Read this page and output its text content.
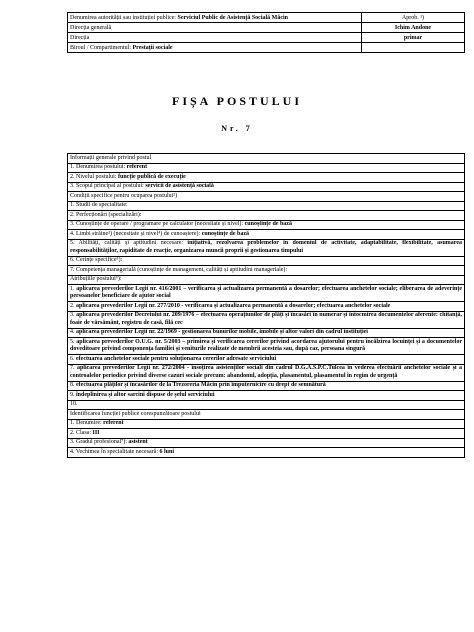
Denumirea autorității sau instituției publice: Serviciul Public de Asistență Socială Măcin	Aprob. ¹)
Direcția generală	Ichim Andone
Direcția	primar
Biroul / Compartimentul: Prestații sociale	
FIȘA POSTULUI
Nr. 7
Informații generale privind postul
1. Denumirea postului: referent
2. Nivelul postului: funcție publică de execuție
3. Scopul principal al postului: servicii de asistență socială
Condiții specifice pentru ocuparea postului²)
1. Studii de specialitate:
2. Perfecționări (specializări):
3. Cunoștințe de operare / programare pe calculator (necesitate și nivel): cunoștințe de bază
4. Limbi străine³) (necesitate și nivel⁴) de cunoaștere): cunoștințe de bază
5. Abilități, calități și aptitudini necesare: inițiativă, rezolvarea problemelor în domeniul de activitate, adaptabilitate, flexibilitate, asumarea responsabilităților, rapiditate de reacție, organizarea muncii proprii și gestionarea timpului
6. Cerințe specifice⁵):
7. Competența managerială (cunoștințe de management, calități și aptitudini manageriale):
Atribuțiile postului⁶):
1. aplicarea prevederilor Legii nr. 416/2001 – verificarea și actualizarea permanentă a dosarelor; efectuarea anchetelor sociale; eliberarea de adeverințe persoanelor beneficiare de ajutor social
2. aplicarea prevederilor Legii nr. 277/2010 - verificarea și actualizarea permanentă a dosarelor; efectuarea anchetelor sociale
3. aplicarea prevederilor Decretului nr. 209/1976 – efectuarea operațiunilor de plăți și încasări în numerar și întocmirea documentelor aferente: chitanță, foaie de vărsământ, registru de casă, filă cec
4. aplicarea prevederilor Legii nr. 22/1969 - gestionarea bunurilor mobile, imobile și altor valori din cadrul instituției
5. aplicarea prevederilor O.U.G. nr. 5/2003 – primirea și verificarea cererilor privind acordarea ajutorului pentru încălzirea locuinței și a documentelor doveditoare privind componența familiei și veniturile realizate de membrii acesteia sau, după caz, persoana singură
6. efectuarea anchetelor sociale pentru soluționarea cererilor adresate serviciului
7. aplicarea prevederilor Legii nr. 272/2004 - însoțirea asistenților sociali din cadrul D.G.A.S.P.C.Tulcea în vederea efectuării anchetelor sociale și a controalelor periodice privind diverse cazuri sociale precum: abandonul, adopția, plasamentul, plasamentul în regim de urgență
8. efectuarea plăților și încasărilor de la Trezoreria Măcin prin împuternicire cu drept de semnătură
9. îndeplinirea și altor sarcini dispuse de șeful serviciului
10.
Identificarea funcției publice corespunzătoare postului
1. Denumire: referent
2. Clasa: III
3. Gradul profesional⁷): asistent
4. Vechimea în specialitate necesară: 6 luni
